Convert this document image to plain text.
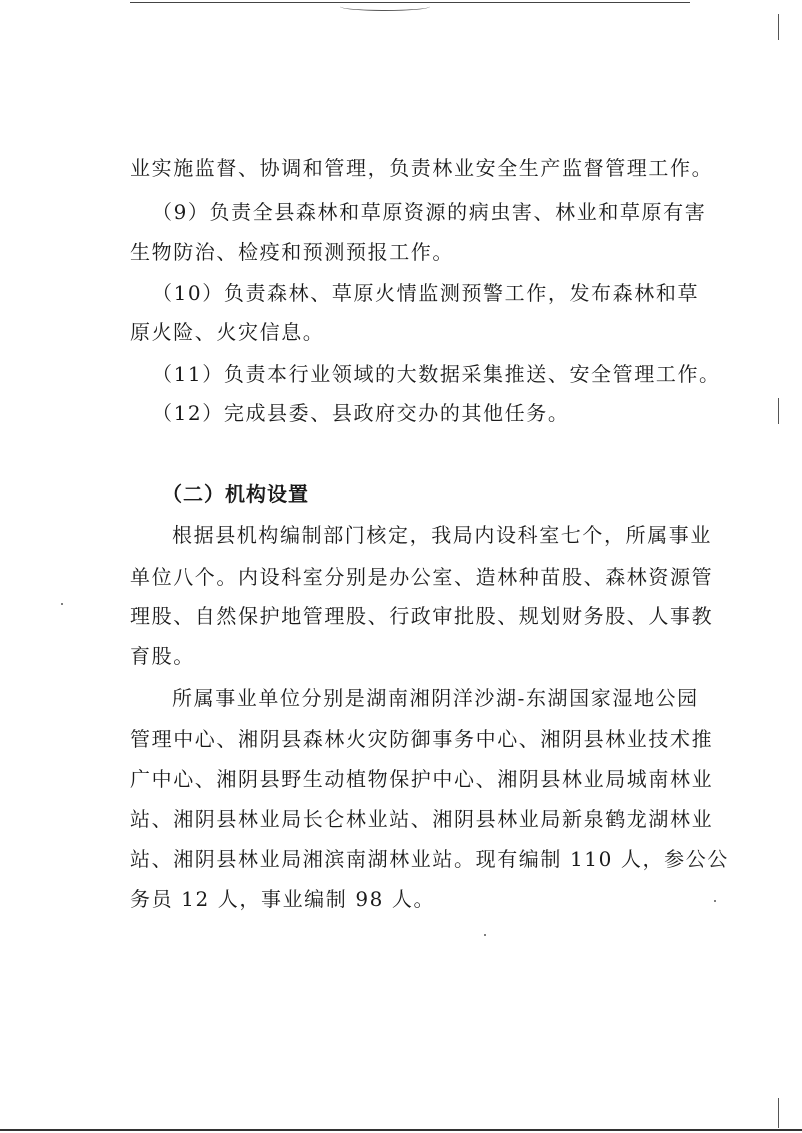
业实施监督、协调和管理，负责林业安全生产监督管理工作。
（9）负责全县森林和草原资源的病虫害、林业和草原有害
生物防治、检疫和预测预报工作。
（10）负责森林、草原火情监测预警工作，发布森林和草
原火险、火灾信息。
（11）负责本行业领域的大数据采集推送、安全管理工作。
（12）完成县委、县政府交办的其他任务。
（二）机构设置
根据县机构编制部门核定，我局内设科室七个，所属事业
单位八个。内设科室分别是办公室、造林种苗股、森林资源管
理股、自然保护地管理股、行政审批股、规划财务股、人事教
育股。
所属事业单位分别是湖南湘阴洋沙湖-东湖国家湿地公园
管理中心、湘阴县森林火灾防御事务中心、湘阴县林业技术推
广中心、湘阴县野生动植物保护中心、湘阴县林业局城南林业
站、湘阴县林业局长仑林业站、湘阴县林业局新泉鹤龙湖林业
站、湘阴县林业局湘滨南湖林业站。现有编制 110 人，参公公
务员 12 人，事业编制 98 人。
